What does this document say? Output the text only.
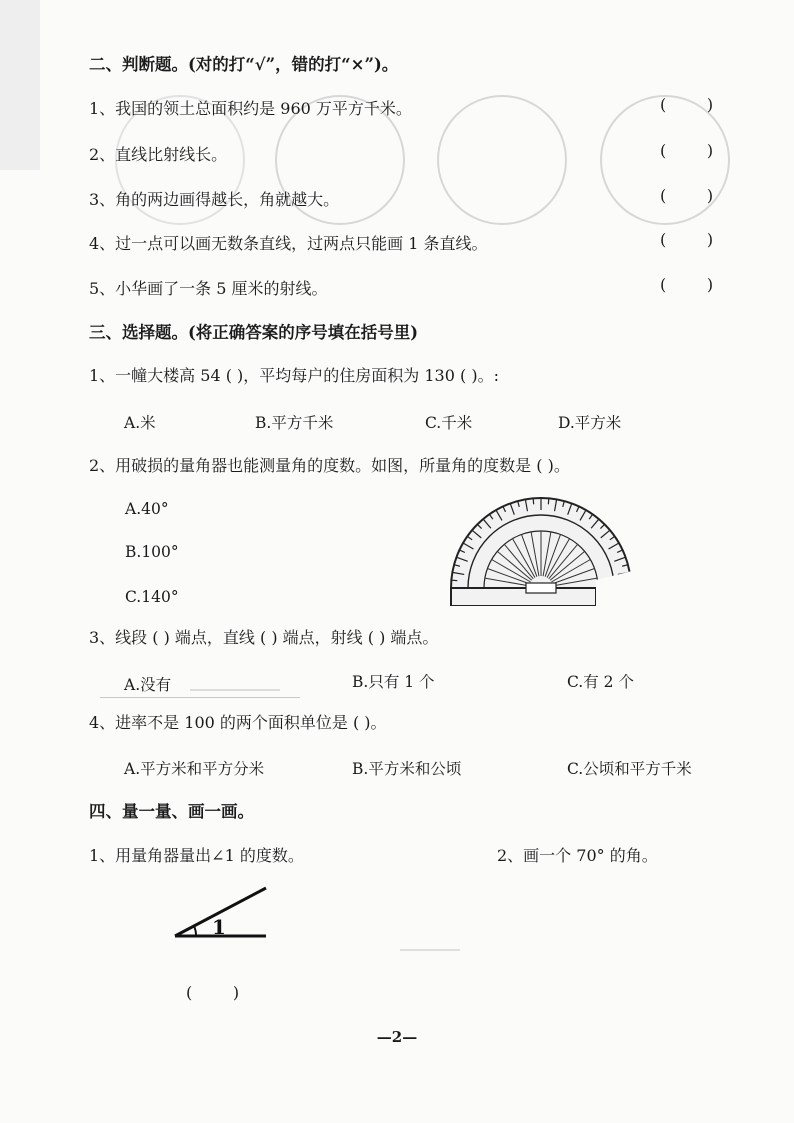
二、判断题。(对的打“√”，错的打“×”)。
1、我国的领土总面积约是 960 万平方千米。	(        )
2、直线比射线长。	(        )
3、角的两边画得越长，角就越大。	(        )
4、过一点可以画无数条直线，过两点只能画 1 条直线。	(        )
5、小华画了一条 5 厘米的射线。	(        )
三、选择题。(将正确答案的序号填在括号里)
1、一幢大楼高 54 ( )，平均每户的住房面积为 130 ( )。:
A.米	B.平方千米	C.千米	D.平方米
2、用破损的量角器也能测量角的度数。如图，所量角的度数是 ( )。
A.40°
B.100°
C.140°
3、线段 ( ) 端点，直线 ( ) 端点，射线 ( ) 端点。
A.没有	B.只有 1 个	C.有 2 个
4、进率不是 100 的两个面积单位是 ( )。
A.平方米和平方分米	B.平方米和公顷	C.公顷和平方千米
四、量一量、画一画。
1、用量角器量出∠1 的度数。	2、画一个 70° 的角。
1
(        )
—2—
